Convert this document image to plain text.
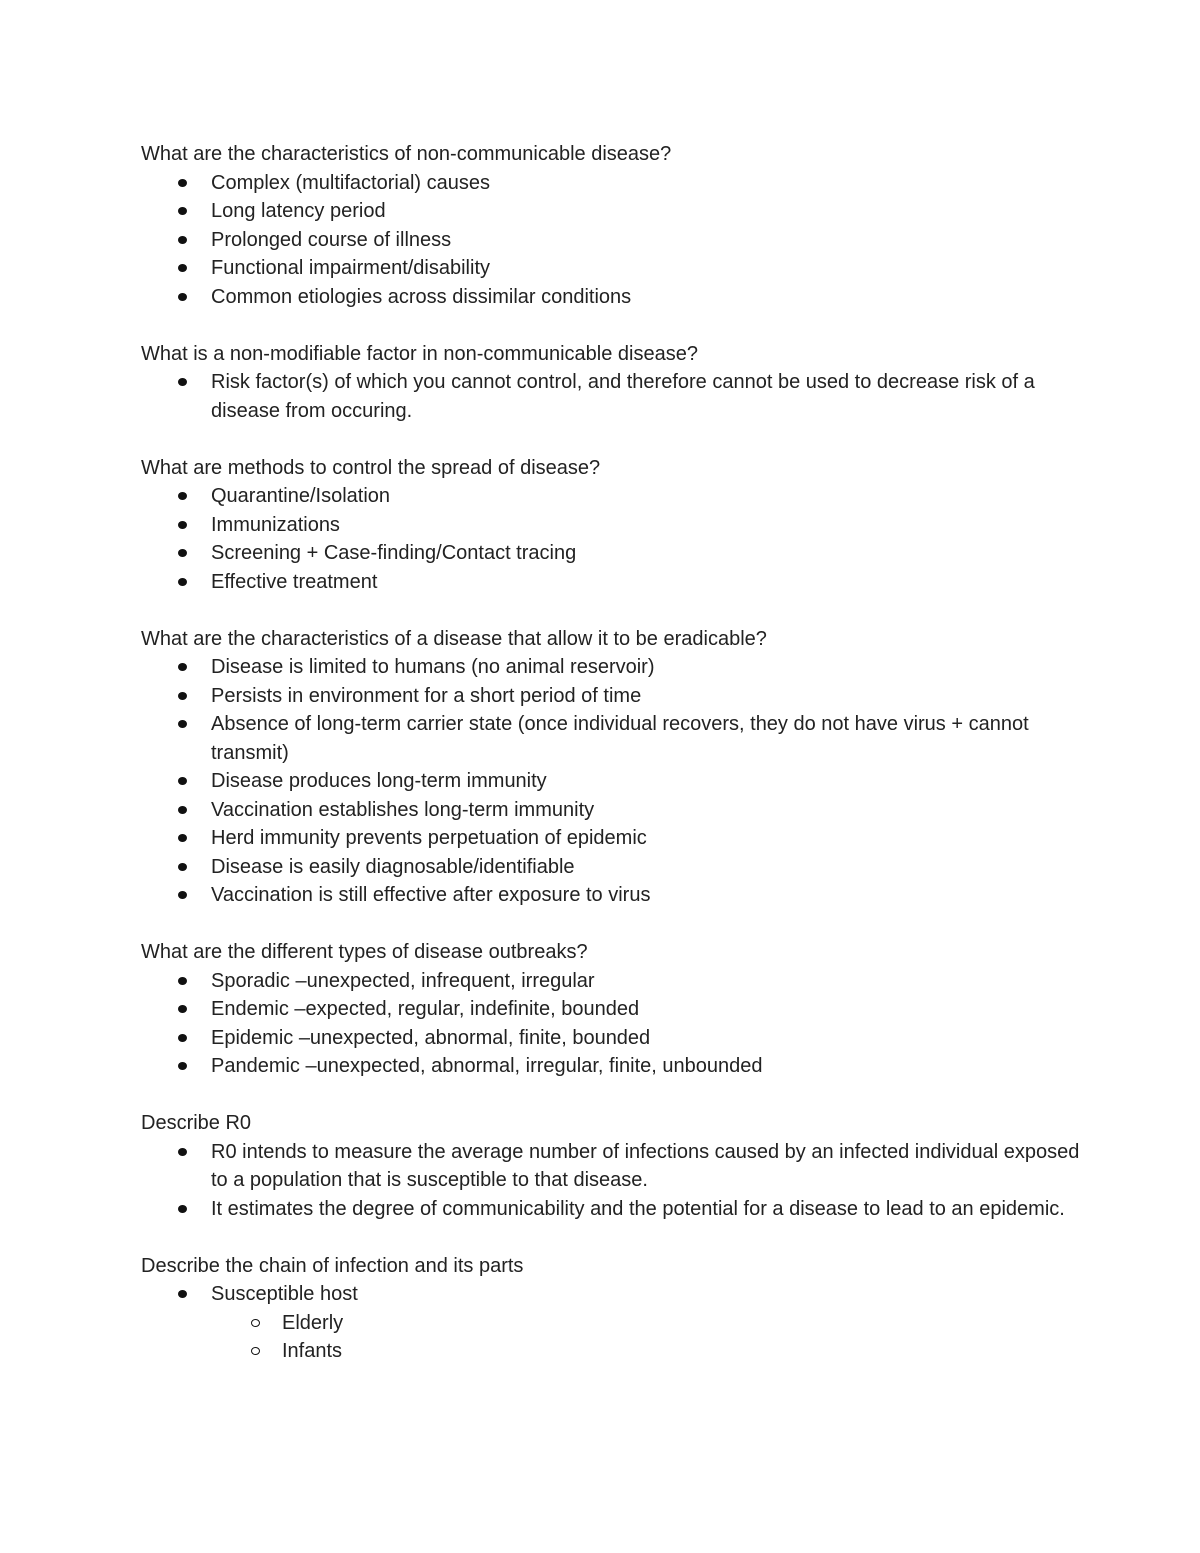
What are the characteristics of non-communicable disease?

Complex (multifactorial) causes
Long latency period
Prolonged course of illness
Functional impairment/disability
Common etiologies across dissimilar conditions

What is a non-modifiable factor in non-communicable disease?

Risk factor(s) of which you cannot control, and therefore cannot be used to decrease risk of a disease from occuring.

What are methods to control the spread of disease?

Quarantine/Isolation
Immunizations
Screening + Case-finding/Contact tracing
Effective treatment

What are the characteristics of a disease that allow it to be eradicable?

Disease is limited to humans (no animal reservoir)
Persists in environment for a short period of time
Absence of long-term carrier state (once individual recovers, they do not have virus + cannot transmit)
Disease produces long-term immunity
Vaccination establishes long-term immunity
Herd immunity prevents perpetuation of epidemic
Disease is easily diagnosable/identifiable
Vaccination is still effective after exposure to virus

What are the different types of disease outbreaks?

Sporadic –unexpected, infrequent, irregular
Endemic –expected, regular, indefinite, bounded
Epidemic –unexpected, abnormal, finite, bounded
Pandemic –unexpected, abnormal, irregular, finite, unbounded

Describe R0

R0 intends to measure the average number of infections caused by an infected individual exposed to a population that is susceptible to that disease.
It estimates the degree of communicability and the potential for a disease to lead to an epidemic.

Describe the chain of infection and its parts

Susceptible host
Elderly
Infants
